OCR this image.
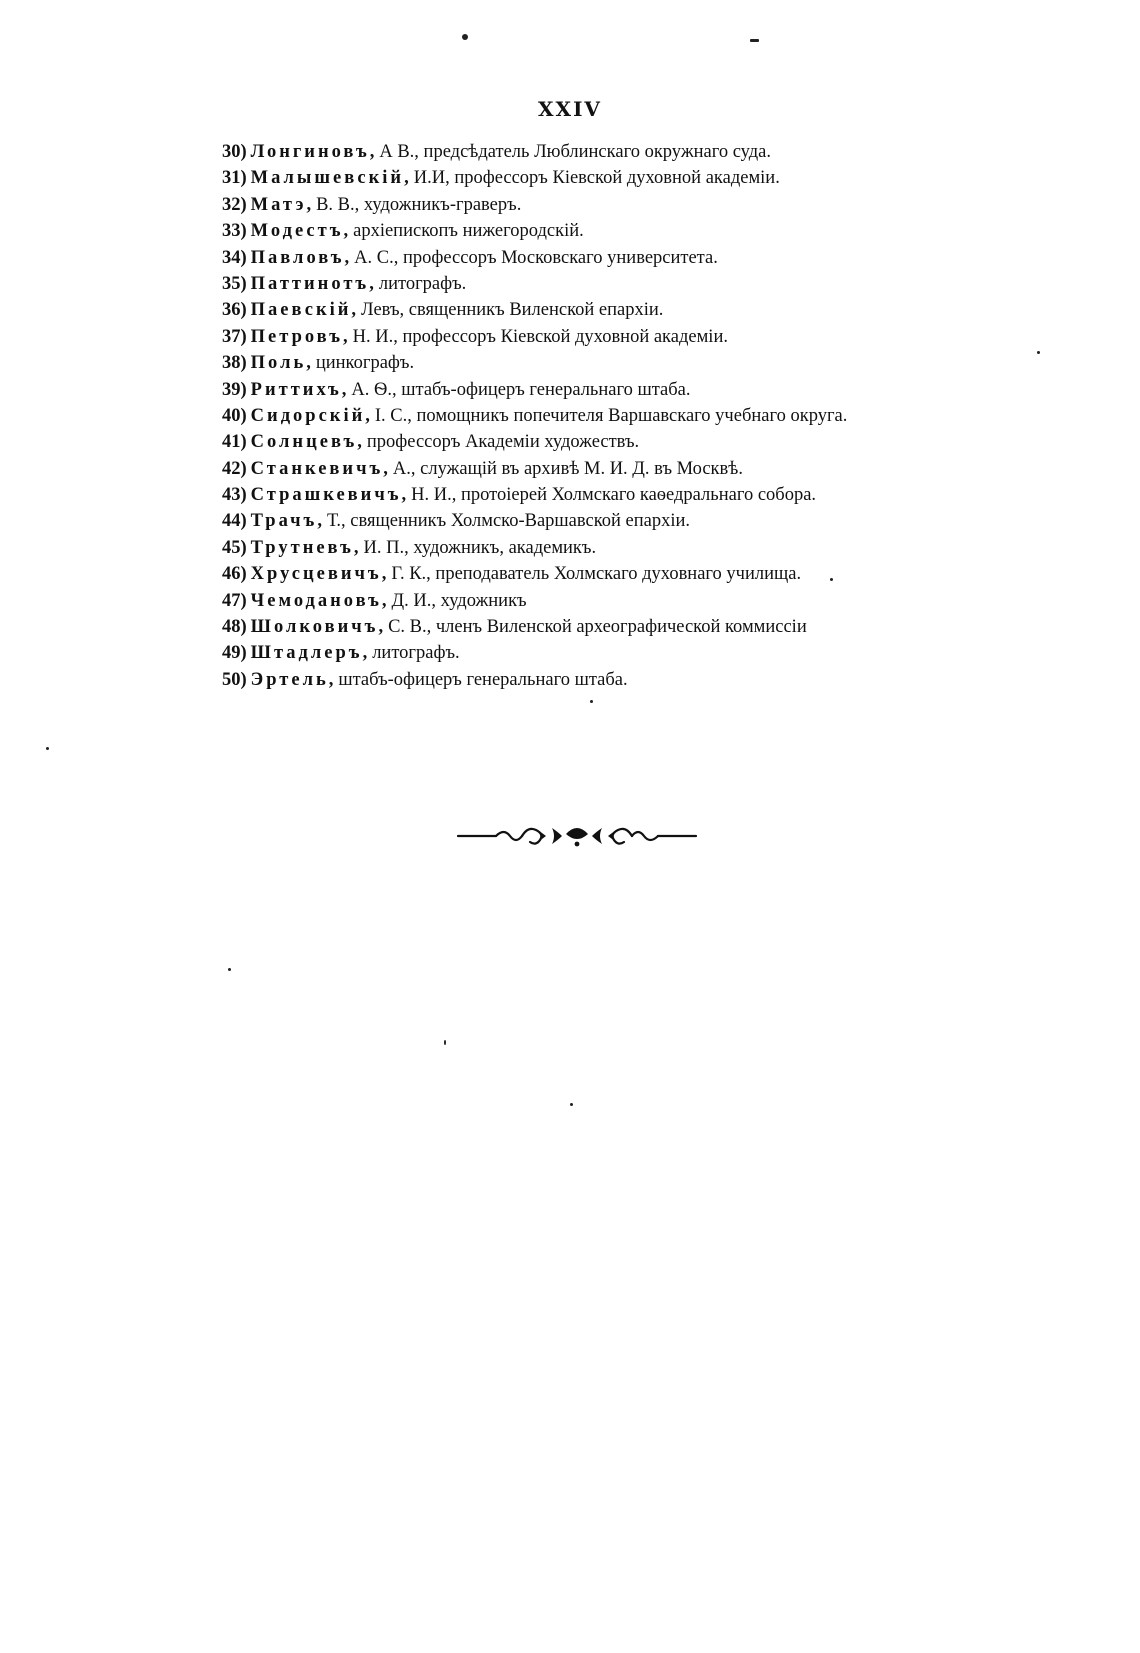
XXIV
30) Лонгиновъ, А В., предсѣдатель Люблинскаго окружнаго суда.
31) Малышевскій, И.И, профессоръ Кіевской духовной академіи.
32) Матэ, В. В., художникъ-граверъ.
33) Модестъ, архіепископъ нижегородскій.
34) Павловъ, А. С., профессоръ Московскаго университета.
35) Паттинотъ, литографъ.
36) Паевскій, Левъ, священникъ Виленской епархіи.
37) Петровъ, Н. И., профессоръ Кіевской духовной академіи.
38) Поль, цинкографъ.
39) Риттихъ, А. Ѳ., штабъ-офицеръ генеральнаго штаба.
40) Сидорскій, І. С., помощникъ попечителя Варшавскаго учебнаго округа.
41) Солнцевъ, профессоръ Академіи художествъ.
42) Станкевичъ, А., служащій въ архивѣ М. И. Д. въ Москвѣ.
43) Страшкевичъ, Н. И., протоіерей Холмскаго каѳедральнаго собора.
44) Трачъ, Т., священникъ Холмско-Варшавской епархіи.
45) Трутневъ, И. П., художникъ, академикъ.
46) Хрусцевичъ, Г. К., преподаватель Холмскаго духовнаго училища.
47) Чемодановъ, Д. И., художникъ
48) Шолковичъ, С. В., членъ Виленской археографической коммиссіи
49) Штадлеръ, литографъ.
50) Эртель, штабъ-офицеръ генеральнаго штаба.
